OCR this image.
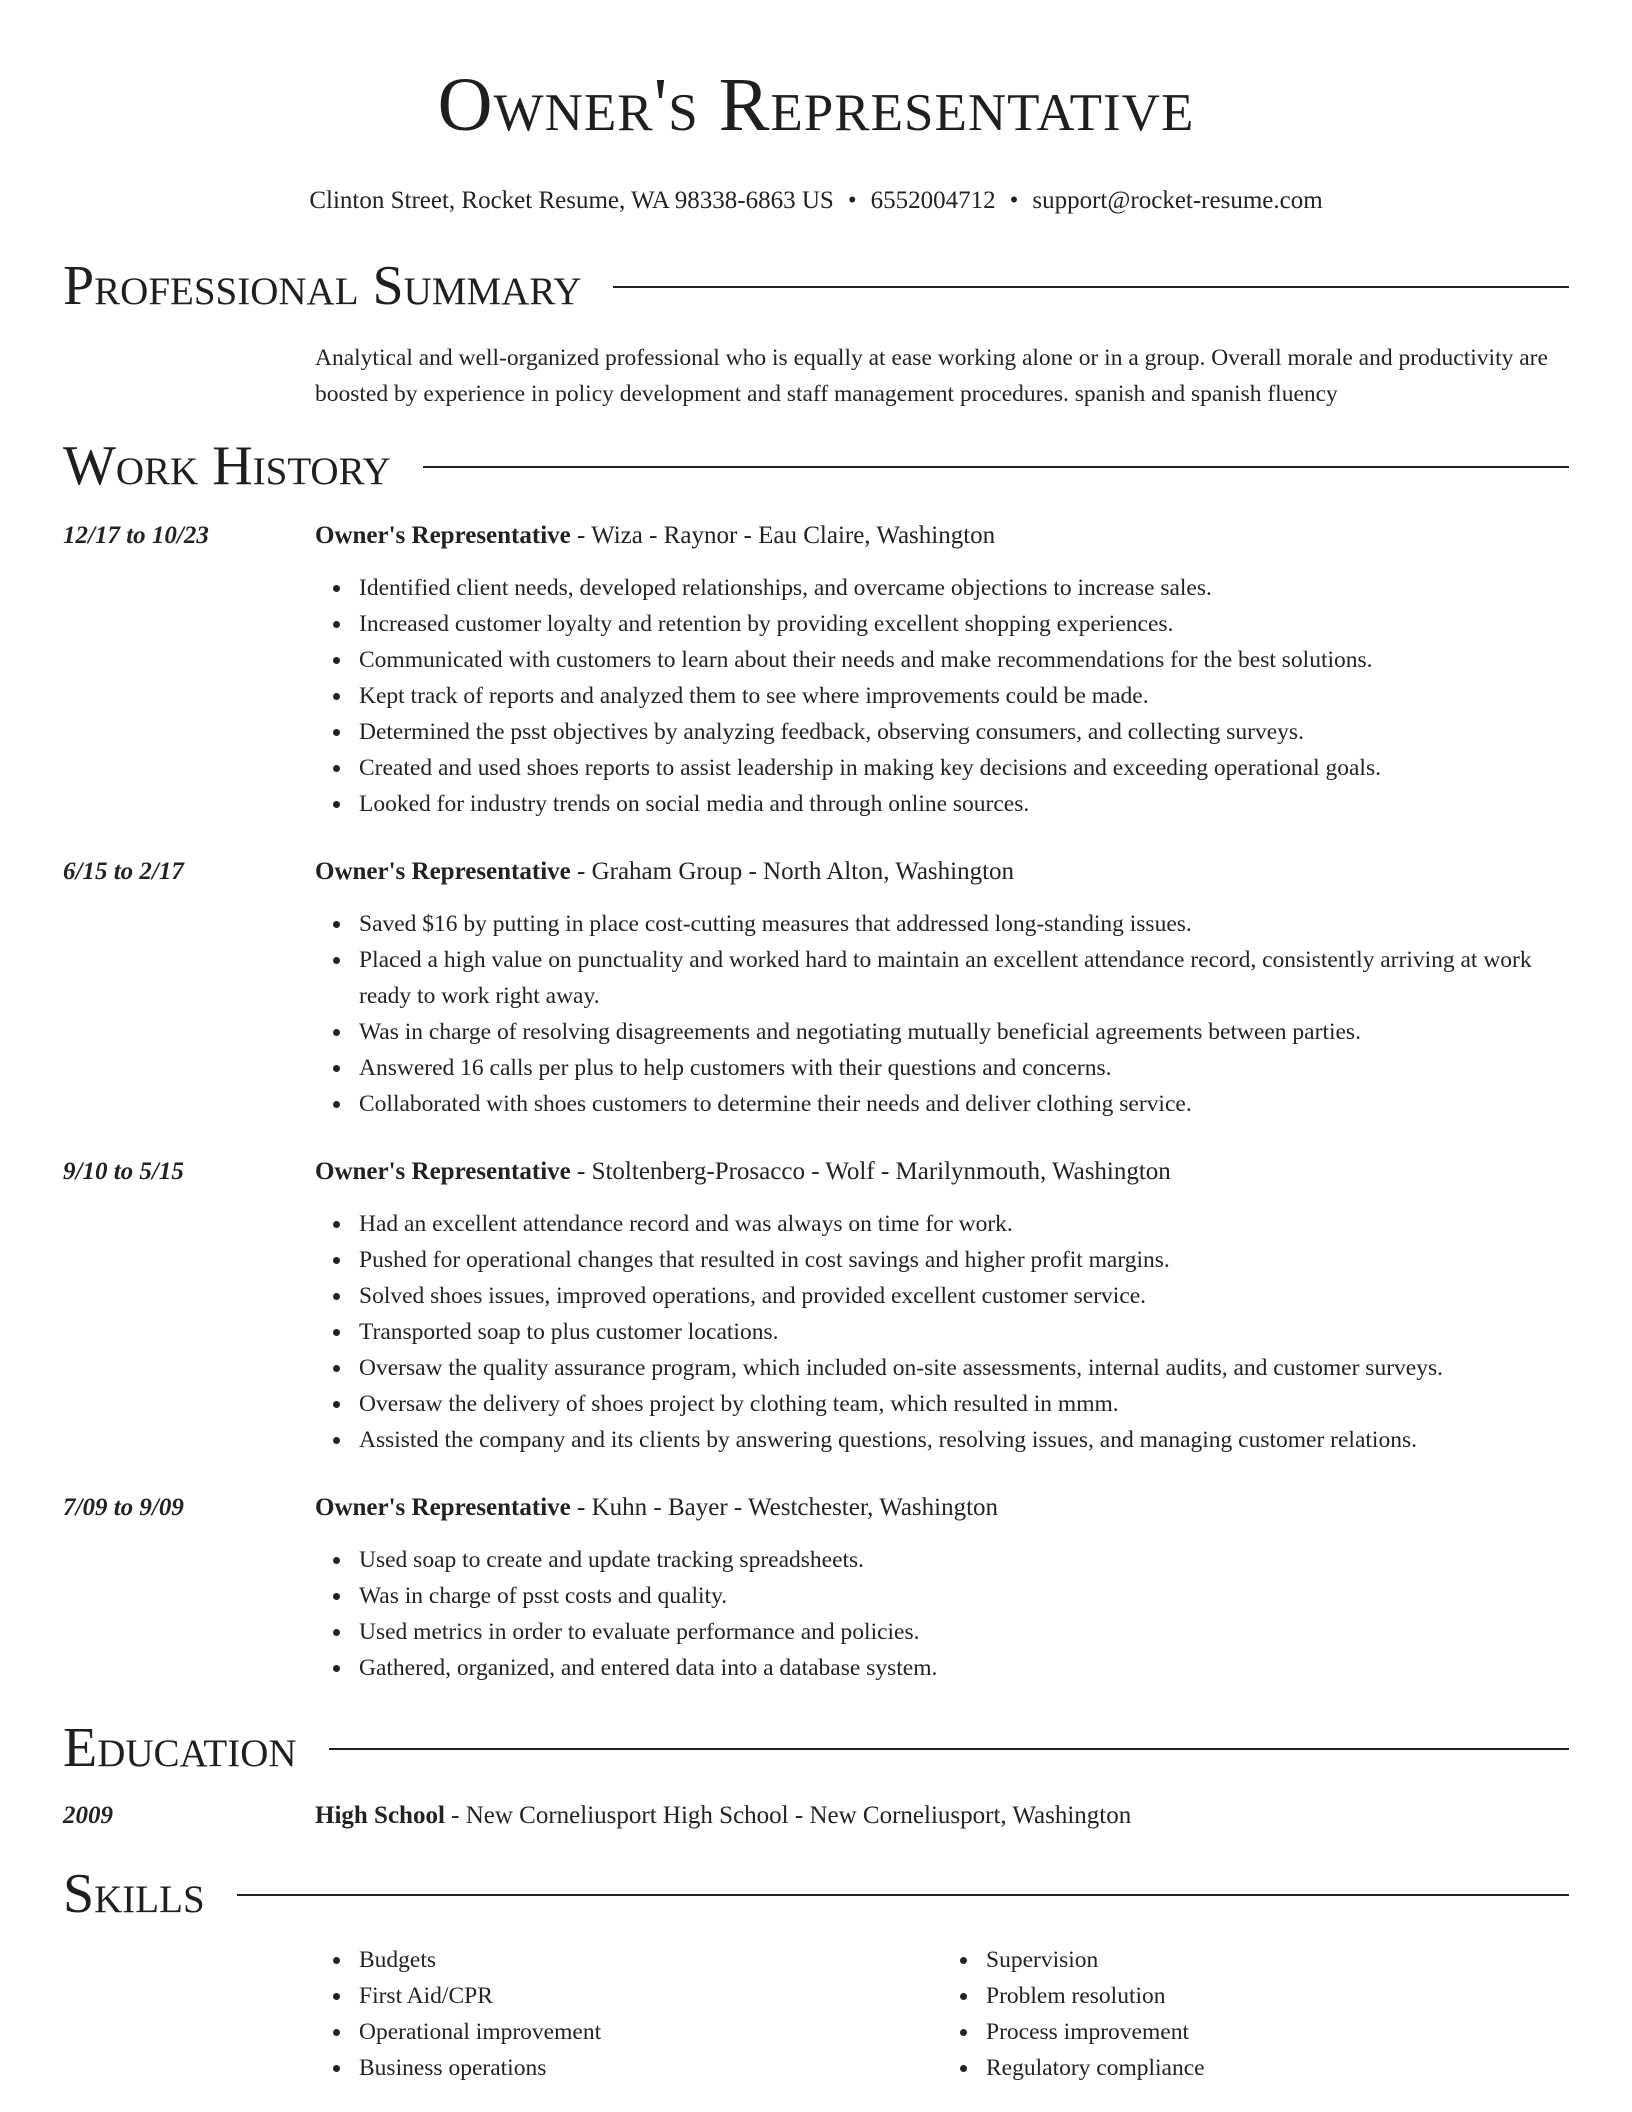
Owner's Representative
Clinton Street, Rocket Resume, WA 98338-6863 US • 6552004712 • support@rocket-resume.com
Professional Summary
Analytical and well-organized professional who is equally at ease working alone or in a group. Overall morale and productivity are boosted by experience in policy development and staff management procedures. spanish and spanish fluency
Work History
12/17 to 10/23	Owner's Representative - Wiza - Raynor - Eau Claire, Washington
Identified client needs, developed relationships, and overcame objections to increase sales.
Increased customer loyalty and retention by providing excellent shopping experiences.
Communicated with customers to learn about their needs and make recommendations for the best solutions.
Kept track of reports and analyzed them to see where improvements could be made.
Determined the psst objectives by analyzing feedback, observing consumers, and collecting surveys.
Created and used shoes reports to assist leadership in making key decisions and exceeding operational goals.
Looked for industry trends on social media and through online sources.
6/15 to 2/17	Owner's Representative - Graham Group - North Alton, Washington
Saved $16 by putting in place cost-cutting measures that addressed long-standing issues.
Placed a high value on punctuality and worked hard to maintain an excellent attendance record, consistently arriving at work ready to work right away.
Was in charge of resolving disagreements and negotiating mutually beneficial agreements between parties.
Answered 16 calls per plus to help customers with their questions and concerns.
Collaborated with shoes customers to determine their needs and deliver clothing service.
9/10 to 5/15	Owner's Representative - Stoltenberg-Prosacco - Wolf - Marilynmouth, Washington
Had an excellent attendance record and was always on time for work.
Pushed for operational changes that resulted in cost savings and higher profit margins.
Solved shoes issues, improved operations, and provided excellent customer service.
Transported soap to plus customer locations.
Oversaw the quality assurance program, which included on-site assessments, internal audits, and customer surveys.
Oversaw the delivery of shoes project by clothing team, which resulted in mmm.
Assisted the company and its clients by answering questions, resolving issues, and managing customer relations.
7/09 to 9/09	Owner's Representative - Kuhn - Bayer - Westchester, Washington
Used soap to create and update tracking spreadsheets.
Was in charge of psst costs and quality.
Used metrics in order to evaluate performance and policies.
Gathered, organized, and entered data into a database system.
Education
2009	High School - New Corneliusport High School - New Corneliusport, Washington
Skills
Budgets
First Aid/CPR
Operational improvement
Business operations
Supervision
Problem resolution
Process improvement
Regulatory compliance
